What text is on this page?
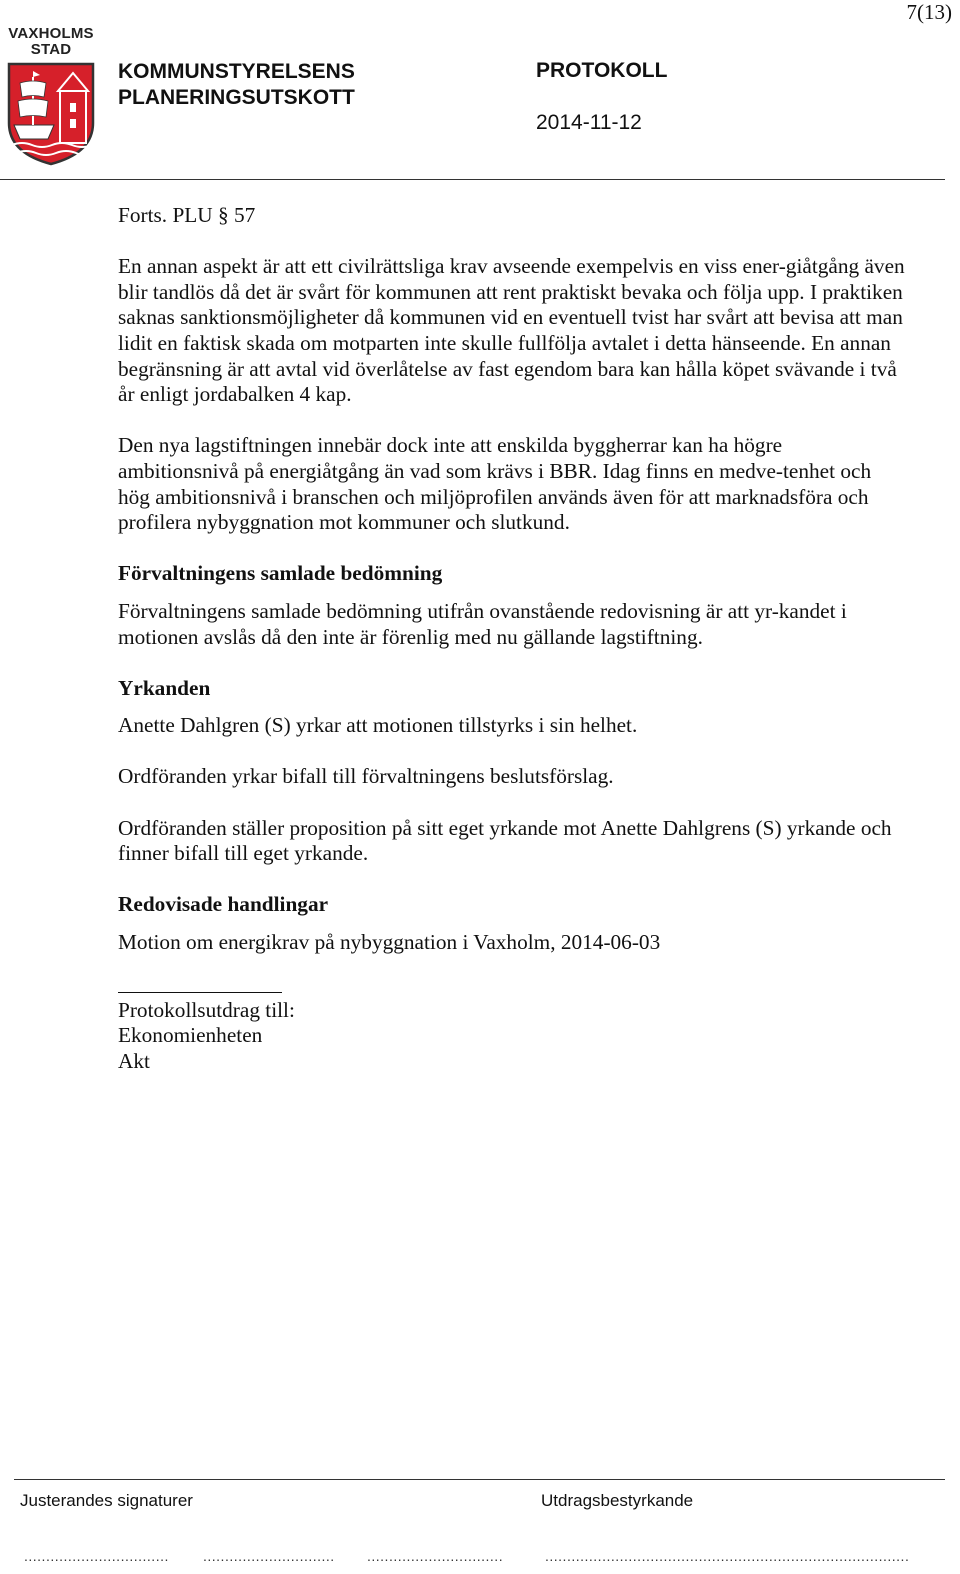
7(13)
VAXHOLMS
STAD
KOMMUNSTYRELSENS
PLANERINGSUTSKOTT
PROTOKOLL
2014-11-12

Forts. PLU § 57

En annan aspekt är att ett civilrättsliga krav avseende exempelvis en viss ener-giåtgång även blir tandlös då det är svårt för kommunen att rent praktiskt bevaka och följa upp. I praktiken saknas sanktionsmöjligheter då kommunen vid en eventuell tvist har svårt att bevisa att man lidit en faktisk skada om motparten inte skulle fullfölja avtalet i detta hänseende. En annan begränsning är att avtal vid överlåtelse av fast egendom bara kan hålla köpet svävande i två år enligt jordabalken 4 kap.

Den nya lagstiftningen innebär dock inte att enskilda byggherrar kan ha högre ambitionsnivå på energiåtgång än vad som krävs i BBR. Idag finns en medve-tenhet och hög ambitionsnivå i branschen och miljöprofilen används även för att marknadsföra och profilera nybyggnation mot kommuner och slutkund.

Förvaltningens samlade bedömning

Förvaltningens samlade bedömning utifrån ovanstående redovisning är att yr-kandet i motionen avslås då den inte är förenlig med nu gällande lagstiftning.

Yrkanden

Anette Dahlgren (S) yrkar att motionen tillstyrks i sin helhet.

Ordföranden yrkar bifall till förvaltningens beslutsförslag.

Ordföranden ställer proposition på sitt eget yrkande mot Anette Dahlgrens (S) yrkande och finner bifall till eget yrkande.

Redovisade handlingar

Motion om energikrav på nybyggnation i Vaxholm, 2014-06-03

Protokollsutdrag till:
Ekonomienheten
Akt
Justerandes signaturer	Utdragsbestyrkande
................................. .............................. ...............................	...................................................................................
